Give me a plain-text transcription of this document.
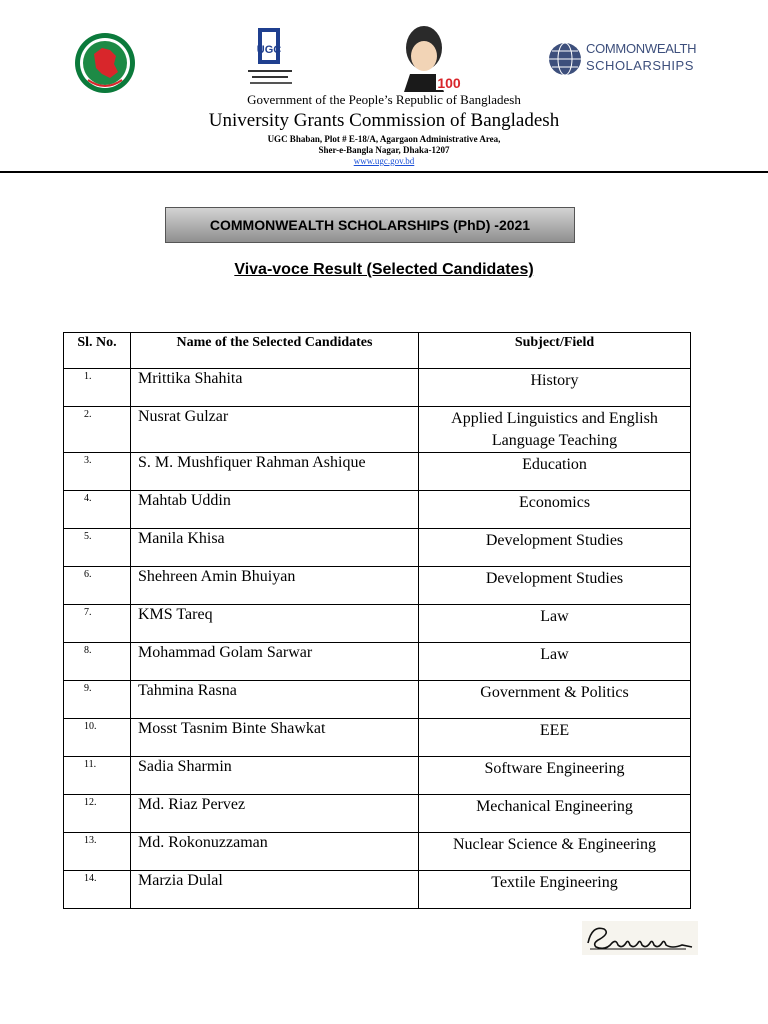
UGC
100
COMMONWEALTH
SCHOLARSHIPS
Government of the People’s Republic of Bangladesh
University Grants Commission of Bangladesh
UGC Bhaban, Plot # E-18/A, Agargaon Administrative Area,
Sher-e-Bangla Nagar, Dhaka-1207
www.ugc.gov.bd
COMMONWEALTH SCHOLARSHIPS (PhD) -2021
Viva-voce Result (Selected Candidates)
Sl. No.	Name of the Selected Candidates	Subject/Field
1.	Mrittika Shahita	History
2.	Nusrat Gulzar	Applied Linguistics and English Language Teaching
3.	S. M. Mushfiquer Rahman Ashique	Education
4.	Mahtab Uddin	Economics
5.	Manila Khisa	Development Studies
6.	Shehreen Amin Bhuiyan	Development Studies
7.	KMS Tareq	Law
8.	Mohammad Golam Sarwar	Law
9.	Tahmina Rasna	Government & Politics
10.	Mosst Tasnim Binte Shawkat	EEE
11.	Sadia Sharmin	Software Engineering
12.	Md. Riaz Pervez	Mechanical Engineering
13.	Md. Rokonuzzaman	Nuclear Science & Engineering
14.	Marzia Dulal	Textile Engineering
